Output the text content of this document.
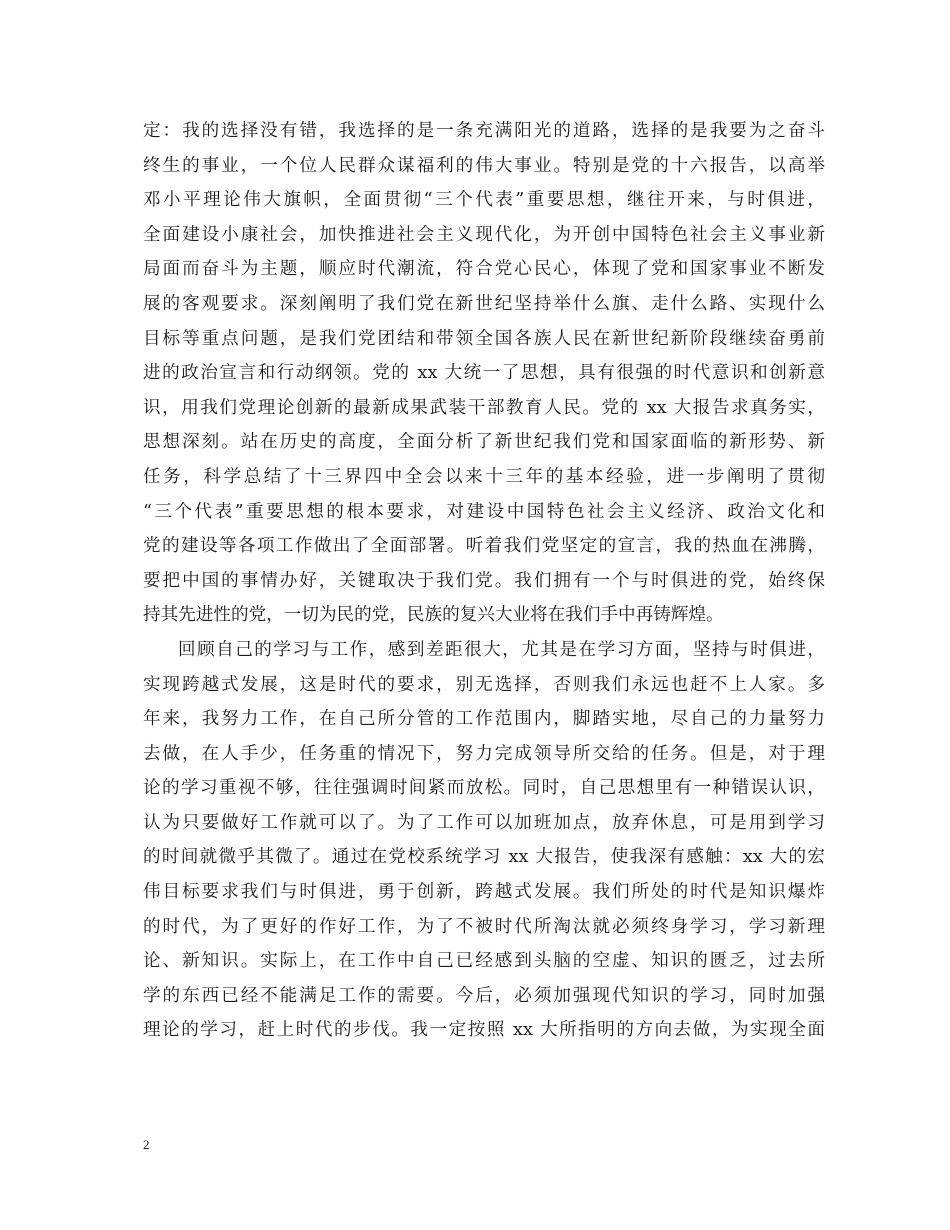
定：我的选择没有错，我选择的是一条充满阳光的道路，选择的是我要为之奋斗
终生的事业，一个位人民群众谋福利的伟大事业。特别是党的十六报告，以高举
邓小平理论伟大旗帜，全面贯彻“三个代表”重要思想，继往开来，与时俱进，
全面建设小康社会，加快推进社会主义现代化，为开创中国特色社会主义事业新
局面而奋斗为主题，顺应时代潮流，符合党心民心，体现了党和国家事业不断发
展的客观要求。深刻阐明了我们党在新世纪坚持举什么旗、走什么路、实现什么
目标等重点问题，是我们党团结和带领全国各族人民在新世纪新阶段继续奋勇前
进的政治宣言和行动纲领。党的 xx 大统一了思想，具有很强的时代意识和创新意
识，用我们党理论创新的最新成果武装干部教育人民。党的 xx 大报告求真务实，
思想深刻。站在历史的高度，全面分析了新世纪我们党和国家面临的新形势、新
任务，科学总结了十三界四中全会以来十三年的基本经验，进一步阐明了贯彻
“三个代表”重要思想的根本要求，对建设中国特色社会主义经济、政治文化和
党的建设等各项工作做出了全面部署。听着我们党坚定的宣言，我的热血在沸腾，
要把中国的事情办好，关键取决于我们党。我们拥有一个与时俱进的党，始终保
持其先进性的党，一切为民的党，民族的复兴大业将在我们手中再铸辉煌。
回顾自己的学习与工作，感到差距很大，尤其是在学习方面，坚持与时俱进，
实现跨越式发展，这是时代的要求，别无选择，否则我们永远也赶不上人家。多
年来，我努力工作，在自己所分管的工作范围内，脚踏实地，尽自己的力量努力
去做，在人手少，任务重的情况下，努力完成领导所交给的任务。但是，对于理
论的学习重视不够，往往强调时间紧而放松。同时，自己思想里有一种错误认识，
认为只要做好工作就可以了。为了工作可以加班加点，放弃休息，可是用到学习
的时间就微乎其微了。通过在党校系统学习 xx 大报告，使我深有感触：xx 大的宏
伟目标要求我们与时俱进，勇于创新，跨越式发展。我们所处的时代是知识爆炸
的时代，为了更好的作好工作，为了不被时代所淘汰就必须终身学习，学习新理
论、新知识。实际上，在工作中自己已经感到头脑的空虚、知识的匮乏，过去所
学的东西已经不能满足工作的需要。今后，必须加强现代知识的学习，同时加强
理论的学习，赶上时代的步伐。我一定按照 xx 大所指明的方向去做，为实现全面
2
